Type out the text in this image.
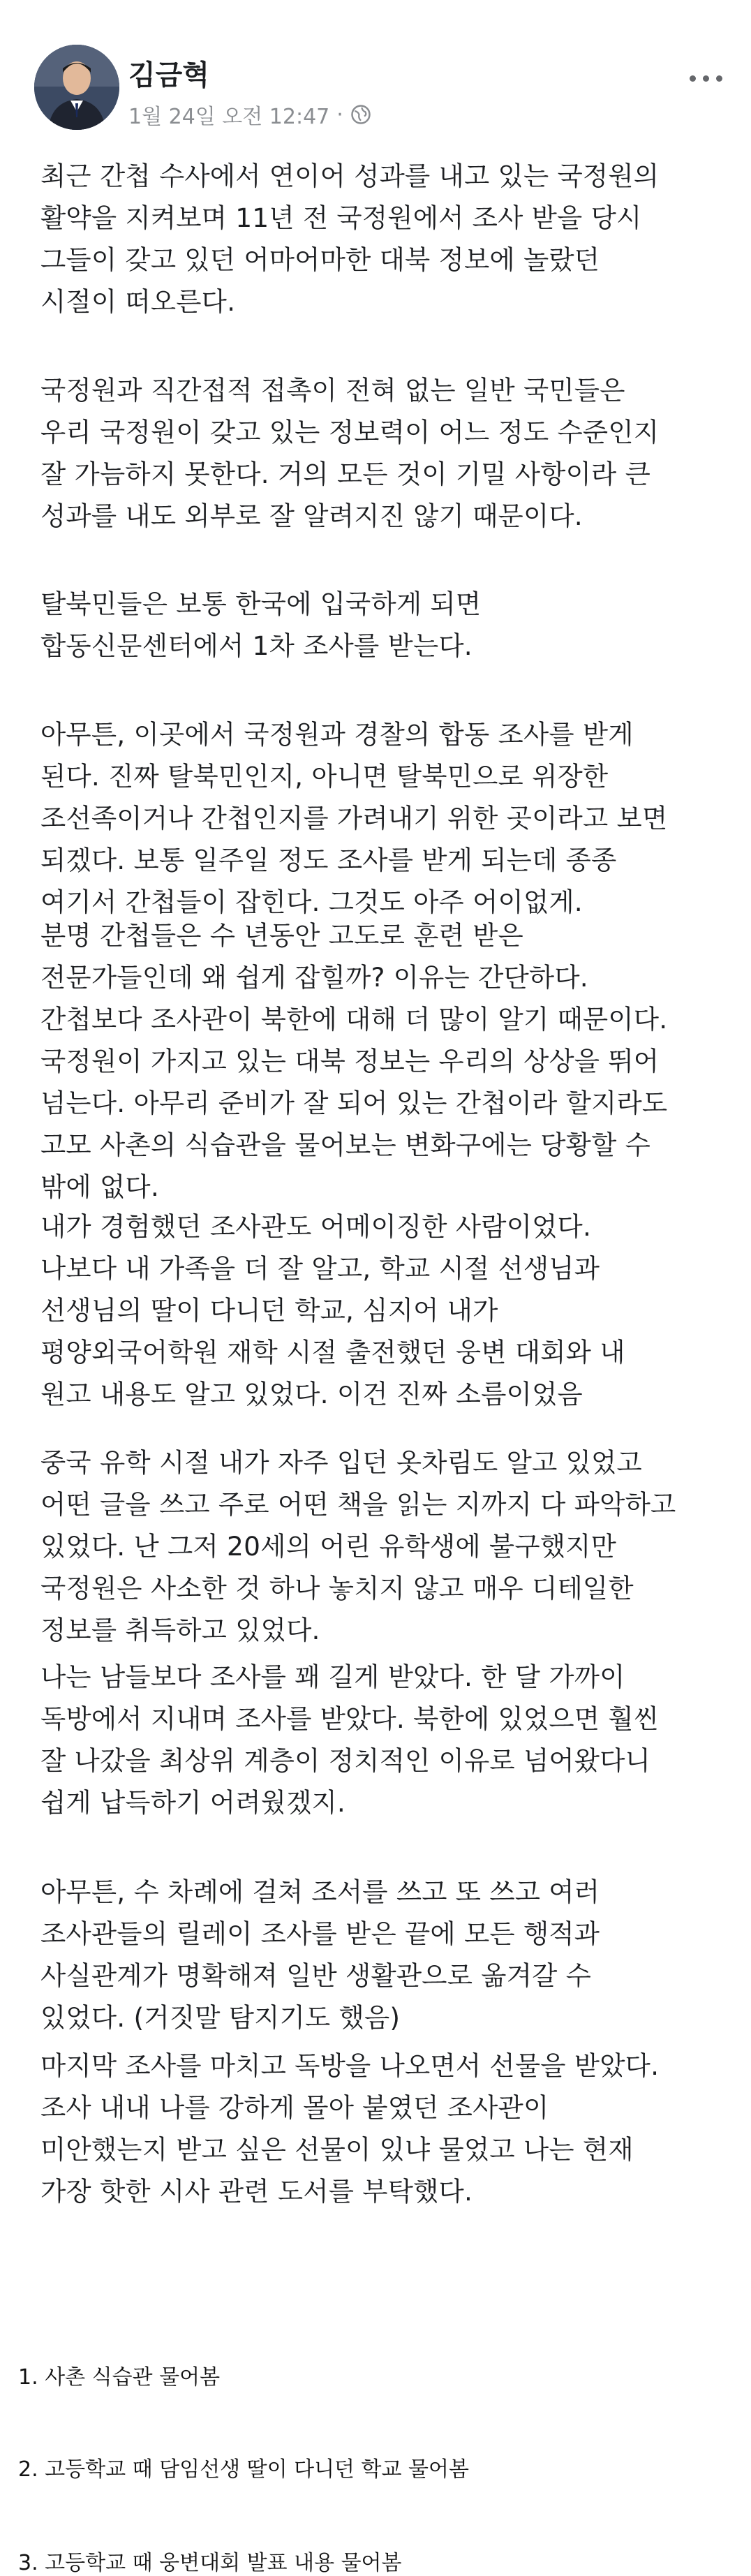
김금혁
1월 24일 오전 12:47 ·

최근 간첩 수사에서 연이어 성과를 내고 있는 국정원의
활약을 지켜보며 11년 전 국정원에서 조사 받을 당시
그들이 갖고 있던 어마어마한 대북 정보에 놀랐던
시절이 떠오른다.

국정원과 직간접적 접촉이 전혀 없는 일반 국민들은
우리 국정원이 갖고 있는 정보력이 어느 정도 수준인지
잘 가늠하지 못한다. 거의 모든 것이 기밀 사항이라 큰
성과를 내도 외부로 잘 알려지진 않기 때문이다.

탈북민들은 보통 한국에 입국하게 되면
합동신문센터에서 1차 조사를 받는다.

아무튼, 이곳에서 국정원과 경찰의 합동 조사를 받게
된다. 진짜 탈북민인지, 아니면 탈북민으로 위장한
조선족이거나 간첩인지를 가려내기 위한 곳이라고 보면
되겠다. 보통 일주일 정도 조사를 받게 되는데 종종
여기서 간첩들이 잡힌다. 그것도 아주 어이없게.

분명 간첩들은 수 년동안 고도로 훈련 받은
전문가들인데 왜 쉽게 잡힐까? 이유는 간단하다.
간첩보다 조사관이 북한에 대해 더 많이 알기 때문이다.
국정원이 가지고 있는 대북 정보는 우리의 상상을 뛰어
넘는다. 아무리 준비가 잘 되어 있는 간첩이라 할지라도
고모 사촌의 식습관을 물어보는 변화구에는 당황할 수
밖에 없다.

내가 경험했던 조사관도 어메이징한 사람이었다.
나보다 내 가족을 더 잘 알고, 학교 시절 선생님과
선생님의 딸이 다니던 학교, 심지어 내가
평양외국어학원 재학 시절 출전했던 웅변 대회와 내
원고 내용도 알고 있었다. 이건 진짜 소름이었음

중국 유학 시절 내가 자주 입던 옷차림도 알고 있었고
어떤 글을 쓰고 주로 어떤 책을 읽는 지까지 다 파악하고
있었다. 난 그저 20세의 어린 유학생에 불구했지만
국정원은 사소한 것 하나 놓치지 않고 매우 디테일한
정보를 취득하고 있었다.

나는 남들보다 조사를 꽤 길게 받았다. 한 달 가까이
독방에서 지내며 조사를 받았다. 북한에 있었으면 훨씬
잘 나갔을 최상위 계층이 정치적인 이유로 넘어왔다니
쉽게 납득하기 어려웠겠지.

아무튼, 수 차례에 걸쳐 조서를 쓰고 또 쓰고 여러
조사관들의 릴레이 조사를 받은 끝에 모든 행적과
사실관계가 명확해져 일반 생활관으로 옮겨갈 수
있었다. (거짓말 탐지기도 했음)

마지막 조사를 마치고 독방을 나오면서 선물을 받았다.
조사 내내 나를 강하게 몰아 붙였던 조사관이
미안했는지 받고 싶은 선물이 있냐 물었고 나는 현재
가장 핫한 시사 관련 도서를 부탁했다.

1. 사촌 식습관 물어봄
2. 고등학교 때 담임선생 딸이 다니던 학교 물어봄
3. 고등학교 때 웅변대회 발표 내용 물어봄
